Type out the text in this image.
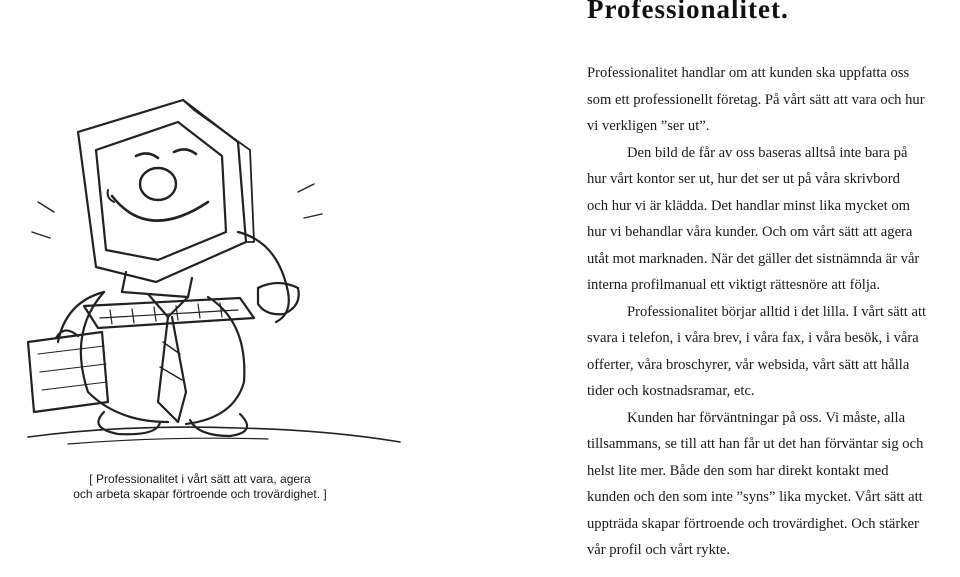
[ Professionalitet i vårt sätt att vara, agera
och arbeta skapar förtroende och trovärdighet. ]
Professionalitet.
Professionalitet handlar om att kunden ska uppfatta oss
som ett professionellt företag. På vårt sätt att vara och hur
vi verkligen ”ser ut”.
Den bild de får av oss baseras alltså inte bara på
hur vårt kontor ser ut, hur det ser ut på våra skrivbord
och hur vi är klädda. Det handlar minst lika mycket om
hur vi behandlar våra kunder. Och om vårt sätt att agera
utåt mot marknaden. När det gäller det sistnämnda är vår
interna profilmanual ett viktigt rättesnöre att följa.
Professionalitet börjar alltid i det lilla. I vårt sätt att
svara i telefon, i våra brev, i våra fax, i våra besök, i våra
offerter, våra broschyrer, vår websida, vårt sätt att hålla
tider och kostnadsramar, etc.
Kunden har förväntningar på oss. Vi måste, alla
tillsammans, se till att han får ut det han förväntar sig och
helst lite mer. Både den som har direkt kontakt med
kunden och den som inte ”syns” lika mycket. Vårt sätt att
uppträda skapar förtroende och trovärdighet. Och stärker
vår profil och vårt rykte.
